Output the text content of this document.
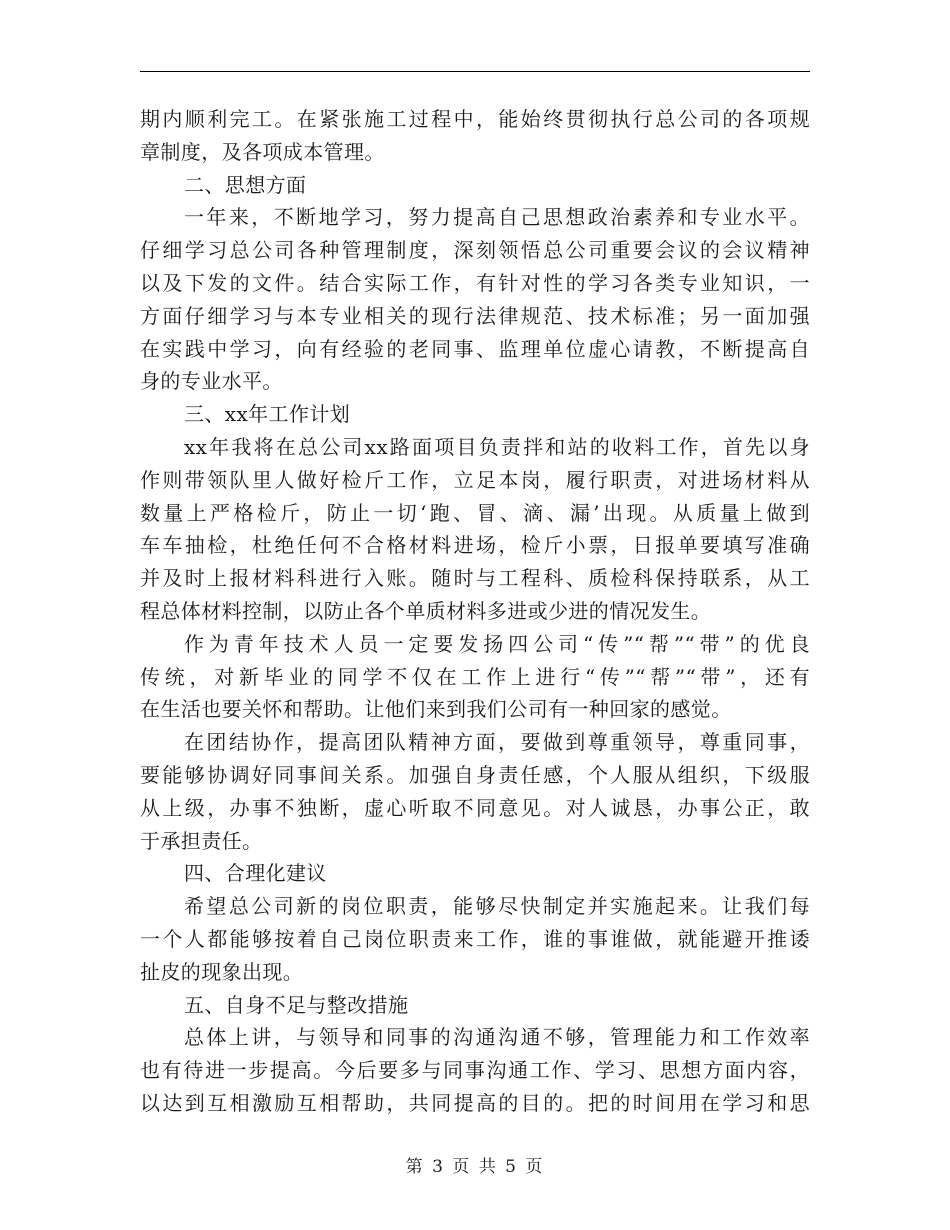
期内顺利完工。在紧张施工过程中，能始终贯彻执行总公司的各项规
章制度，及各项成本管理。
二、思想方面
一年来，不断地学习，努力提高自己思想政治素养和专业水平。
仔细学习总公司各种管理制度，深刻领悟总公司重要会议的会议精神
以及下发的文件。结合实际工作，有针对性的学习各类专业知识，一
方面仔细学习与本专业相关的现行法律规范、技术标准；另一面加强
在实践中学习，向有经验的老同事、监理单位虚心请教，不断提高自
身的专业水平。
三、xx年工作计划
xx年我将在总公司xx路面项目负责拌和站的收料工作，首先以身
作则带领队里人做好检斤工作，立足本岗，履行职责，对进场材料从
数量上严格检斤，防止一切‘跑、冒、滴、漏’出现。从质量上做到
车车抽检，杜绝任何不合格材料进场，检斤小票，日报单要填写准确
并及时上报材料科进行入账。随时与工程科、质检科保持联系，从工
程总体材料控制，以防止各个单质材料多进或少进的情况发生。
作为青年技术人员一定要发扬四公司“传”“帮”“带”的优良
传统，对新毕业的同学不仅在工作上进行“传”“帮”“带”，还有
在生活也要关怀和帮助。让他们来到我们公司有一种回家的感觉。
在团结协作，提高团队精神方面，要做到尊重领导，尊重同事，
要能够协调好同事间关系。加强自身责任感，个人服从组织，下级服
从上级，办事不独断，虚心听取不同意见。对人诚恳，办事公正，敢
于承担责任。
四、合理化建议
希望总公司新的岗位职责，能够尽快制定并实施起来。让我们每
一个人都能够按着自己岗位职责来工作，谁的事谁做，就能避开推诿
扯皮的现象出现。
五、自身不足与整改措施
总体上讲，与领导和同事的沟通沟通不够，管理能力和工作效率
也有待进一步提高。今后要多与同事沟通工作、学习、思想方面内容，
以达到互相激励互相帮助，共同提高的目的。把的时间用在学习和思
第 3 页 共 5 页
